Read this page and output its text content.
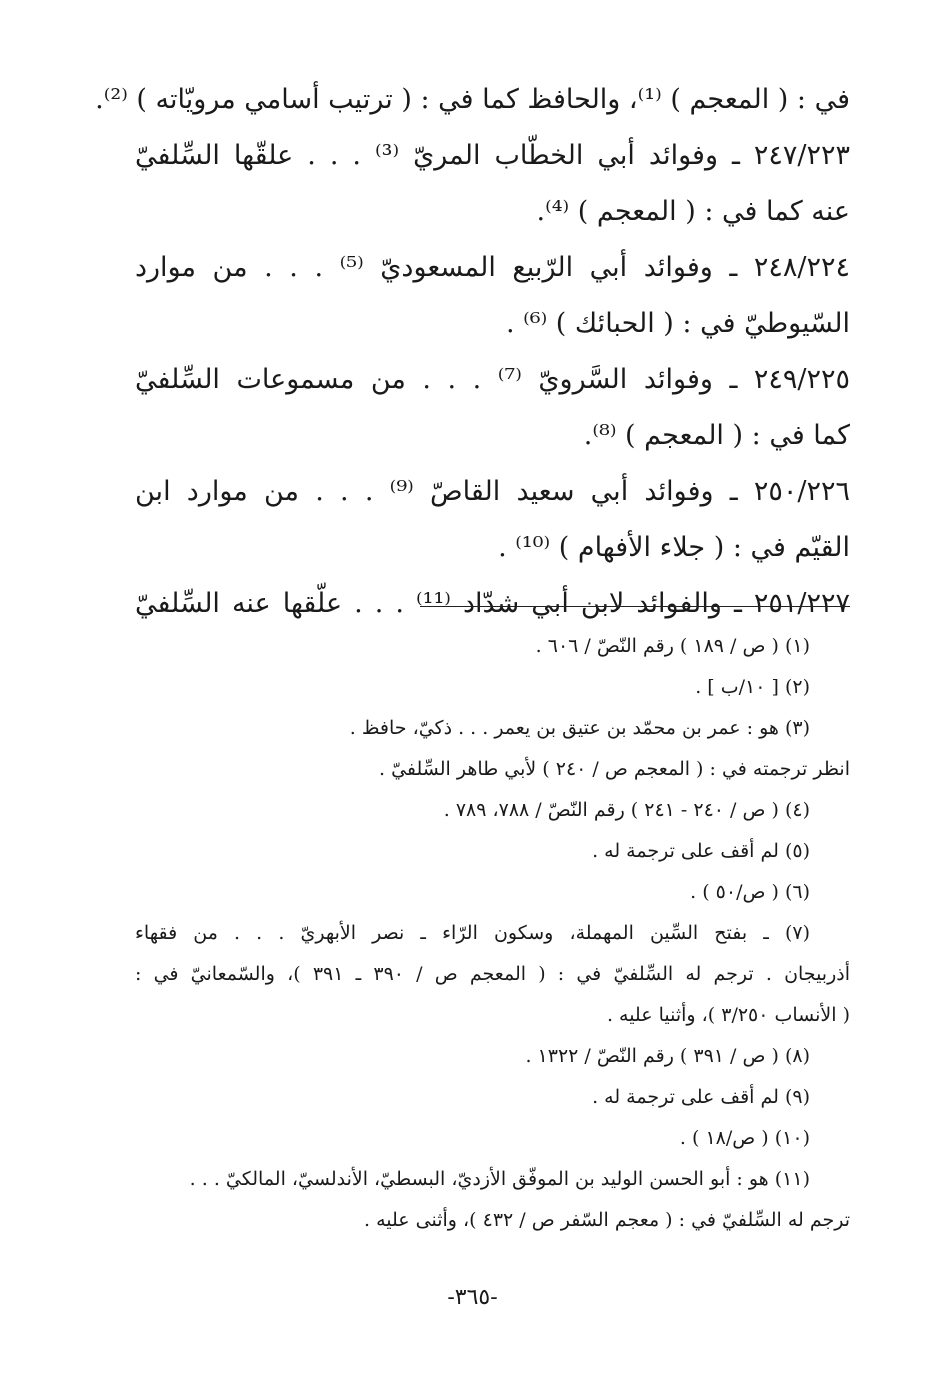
في : ( المعجم ) ⁽¹⁾، والحافظ كما في : ( ترتيب أسامي مرويّاته ) ⁽²⁾.
٢٤٧/٢٢٣ ـ وفوائد أبي الخطّاب المريّ ⁽³⁾ . . . علقّها السِّلفيّ
عنه كما في : ( المعجم ) ⁽⁴⁾.
٢٤٨/٢٢٤ ـ وفوائد أبي الرّبيع المسعوديّ ⁽⁵⁾ . . . من موارد
السّيوطيّ في : ( الحبائك ) ⁽⁶⁾ .
٢٤٩/٢٢٥ ـ وفوائد السَّرويّ ⁽⁷⁾ . . . من مسموعات السِّلفيّ
كما في : ( المعجم ) ⁽⁸⁾.
٢٥٠/٢٢٦ ـ وفوائد أبي سعيد القاصّ ⁽⁹⁾ . . . من موارد ابن
القيّم في : ( جلاء الأفهام ) ⁽¹⁰⁾ .
٢٥١/٢٢٧ ـ والفوائد لابن أبي شدّاد ⁽¹¹⁾ . . . علّقها عنه السِّلفيّ
(١) ( ص / ١٨٩ ) رقم النّصّ / ٦٠٦ .
(٢) [ ١٠/ب ] .
(٣) هو : عمر بن محمّد بن عتيق بن يعمر . . . ذكيّ، حافظ .
انظر ترجمته في : ( المعجم ص / ٢٤٠ ) لأبي طاهر السِّلفيّ .
(٤) ( ص / ٢٤٠ - ٢٤١ ) رقم النّصّ / ٧٨٨، ٧٨٩ .
(٥) لم أقف على ترجمة له .
(٦) ( ص/٥٠ ) .
(٧) ـ بفتح السِّين المهملة، وسكون الرّاء ـ نصر الأبهريّ . . . من فقهاء
أذربيجان . ترجم له السِّلفيّ في : ( المعجم ص / ٣٩٠ ـ ٣٩١ )، والسّمعانيّ في :
( الأنساب ٣/٢٥٠ )، وأثنيا عليه .
(٨) ( ص / ٣٩١ ) رقم النّصّ / ١٣٢٢ .
(٩) لم أقف على ترجمة له .
(١٠) ( ص/١٨ ) .
(١١) هو : أبو الحسن الوليد بن الموفّق الأزديّ، البسطيّ، الأندلسيّ، المالكيّ . . .
ترجم له السِّلفيّ في : ( معجم السّفر ص / ٤٣٢ )، وأثنى عليه .
-٣٦٥-
